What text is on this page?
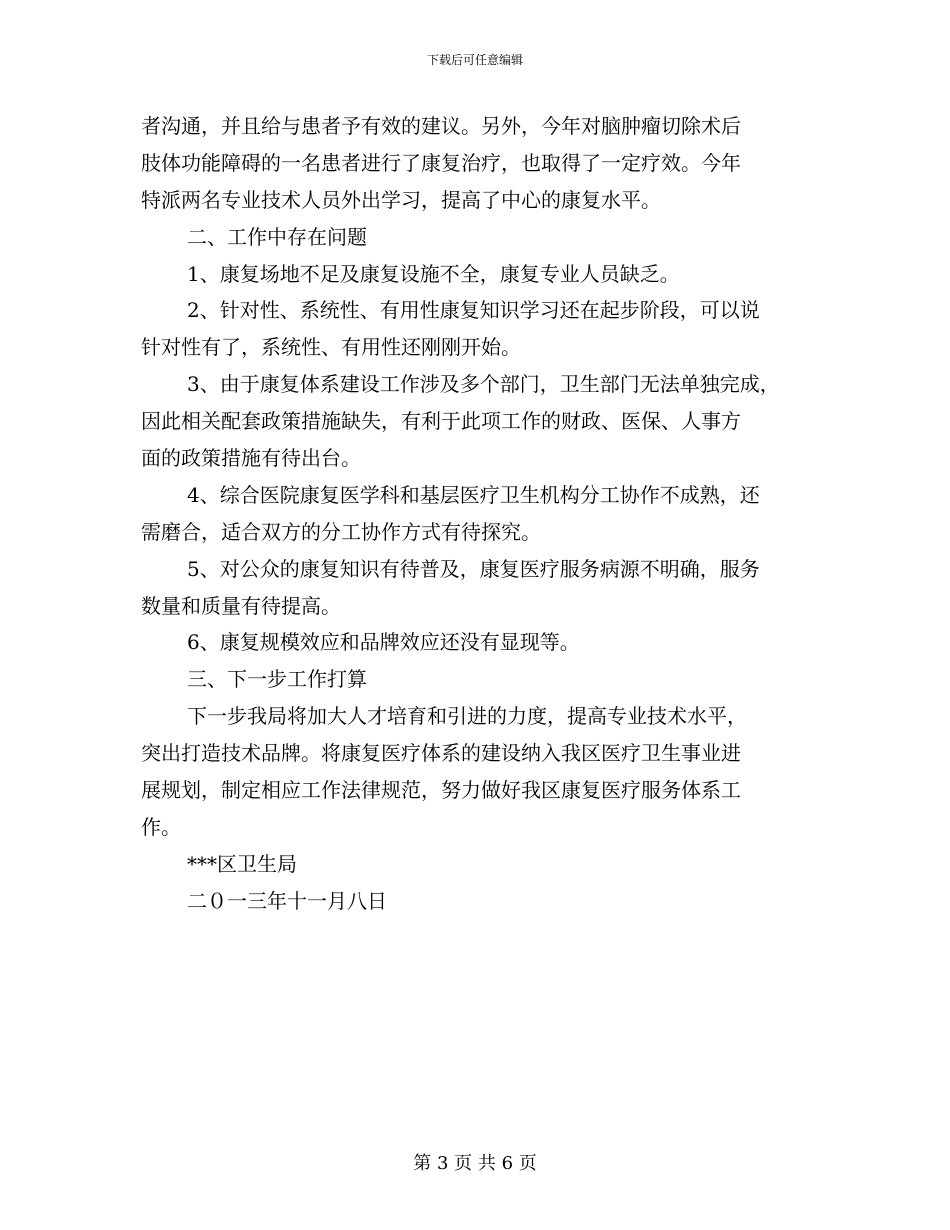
下载后可任意编辑
者沟通，并且给与患者予有效的建议。另外，今年对脑肿瘤切除术后
肢体功能障碍的一名患者进行了康复治疗，也取得了一定疗效。今年
特派两名专业技术人员外出学习，提高了中心的康复水平。
二、工作中存在问题
1、康复场地不足及康复设施不全，康复专业人员缺乏。
2、针对性、系统性、有用性康复知识学习还在起步阶段，可以说
针对性有了，系统性、有用性还刚刚开始。
3、由于康复体系建设工作涉及多个部门，卫生部门无法单独完成，
因此相关配套政策措施缺失，有利于此项工作的财政、医保、人事方
面的政策措施有待出台。
4、综合医院康复医学科和基层医疗卫生机构分工协作不成熟，还
需磨合，适合双方的分工协作方式有待探究。
5、对公众的康复知识有待普及，康复医疗服务病源不明确，服务
数量和质量有待提高。
6、康复规模效应和品牌效应还没有显现等。
三、下一步工作打算
下一步我局将加大人才培育和引进的力度，提高专业技术水平，
突出打造技术品牌。将康复医疗体系的建设纳入我区医疗卫生事业进
展规划，制定相应工作法律规范，努力做好我区康复医疗服务体系工
作。
***区卫生局
二０一三年十一月八日
第 3 页 共 6 页
